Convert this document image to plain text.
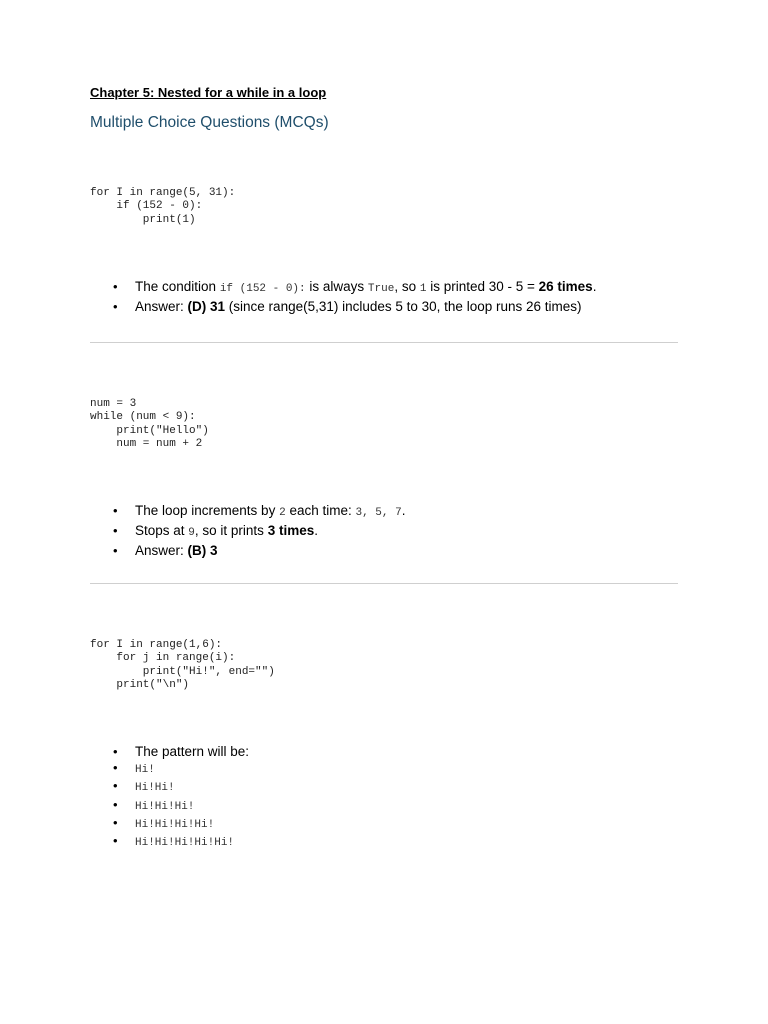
Chapter 5: Nested for a while in a loop
Multiple Choice Questions (MCQs)
for I in range(5, 31):
if (152 - 0):
print(1)
• The condition if (152 - 0): is always True, so 1 is printed 30 - 5 = 26 times.
• Answer: (D) 31 (since range(5,31) includes 5 to 30, the loop runs 26 times)
num = 3
while (num < 9):
print("Hello")
num = num + 2
• The loop increments by 2 each time: 3, 5, 7.
• Stops at 9, so it prints 3 times.
• Answer: (B) 3
for I in range(1,6):
for j in range(i):
print("Hi!", end="")
print("\n")
• The pattern will be:
• Hi!
• Hi!Hi!
• Hi!Hi!Hi!
• Hi!Hi!Hi!Hi!
• Hi!Hi!Hi!Hi!Hi!
